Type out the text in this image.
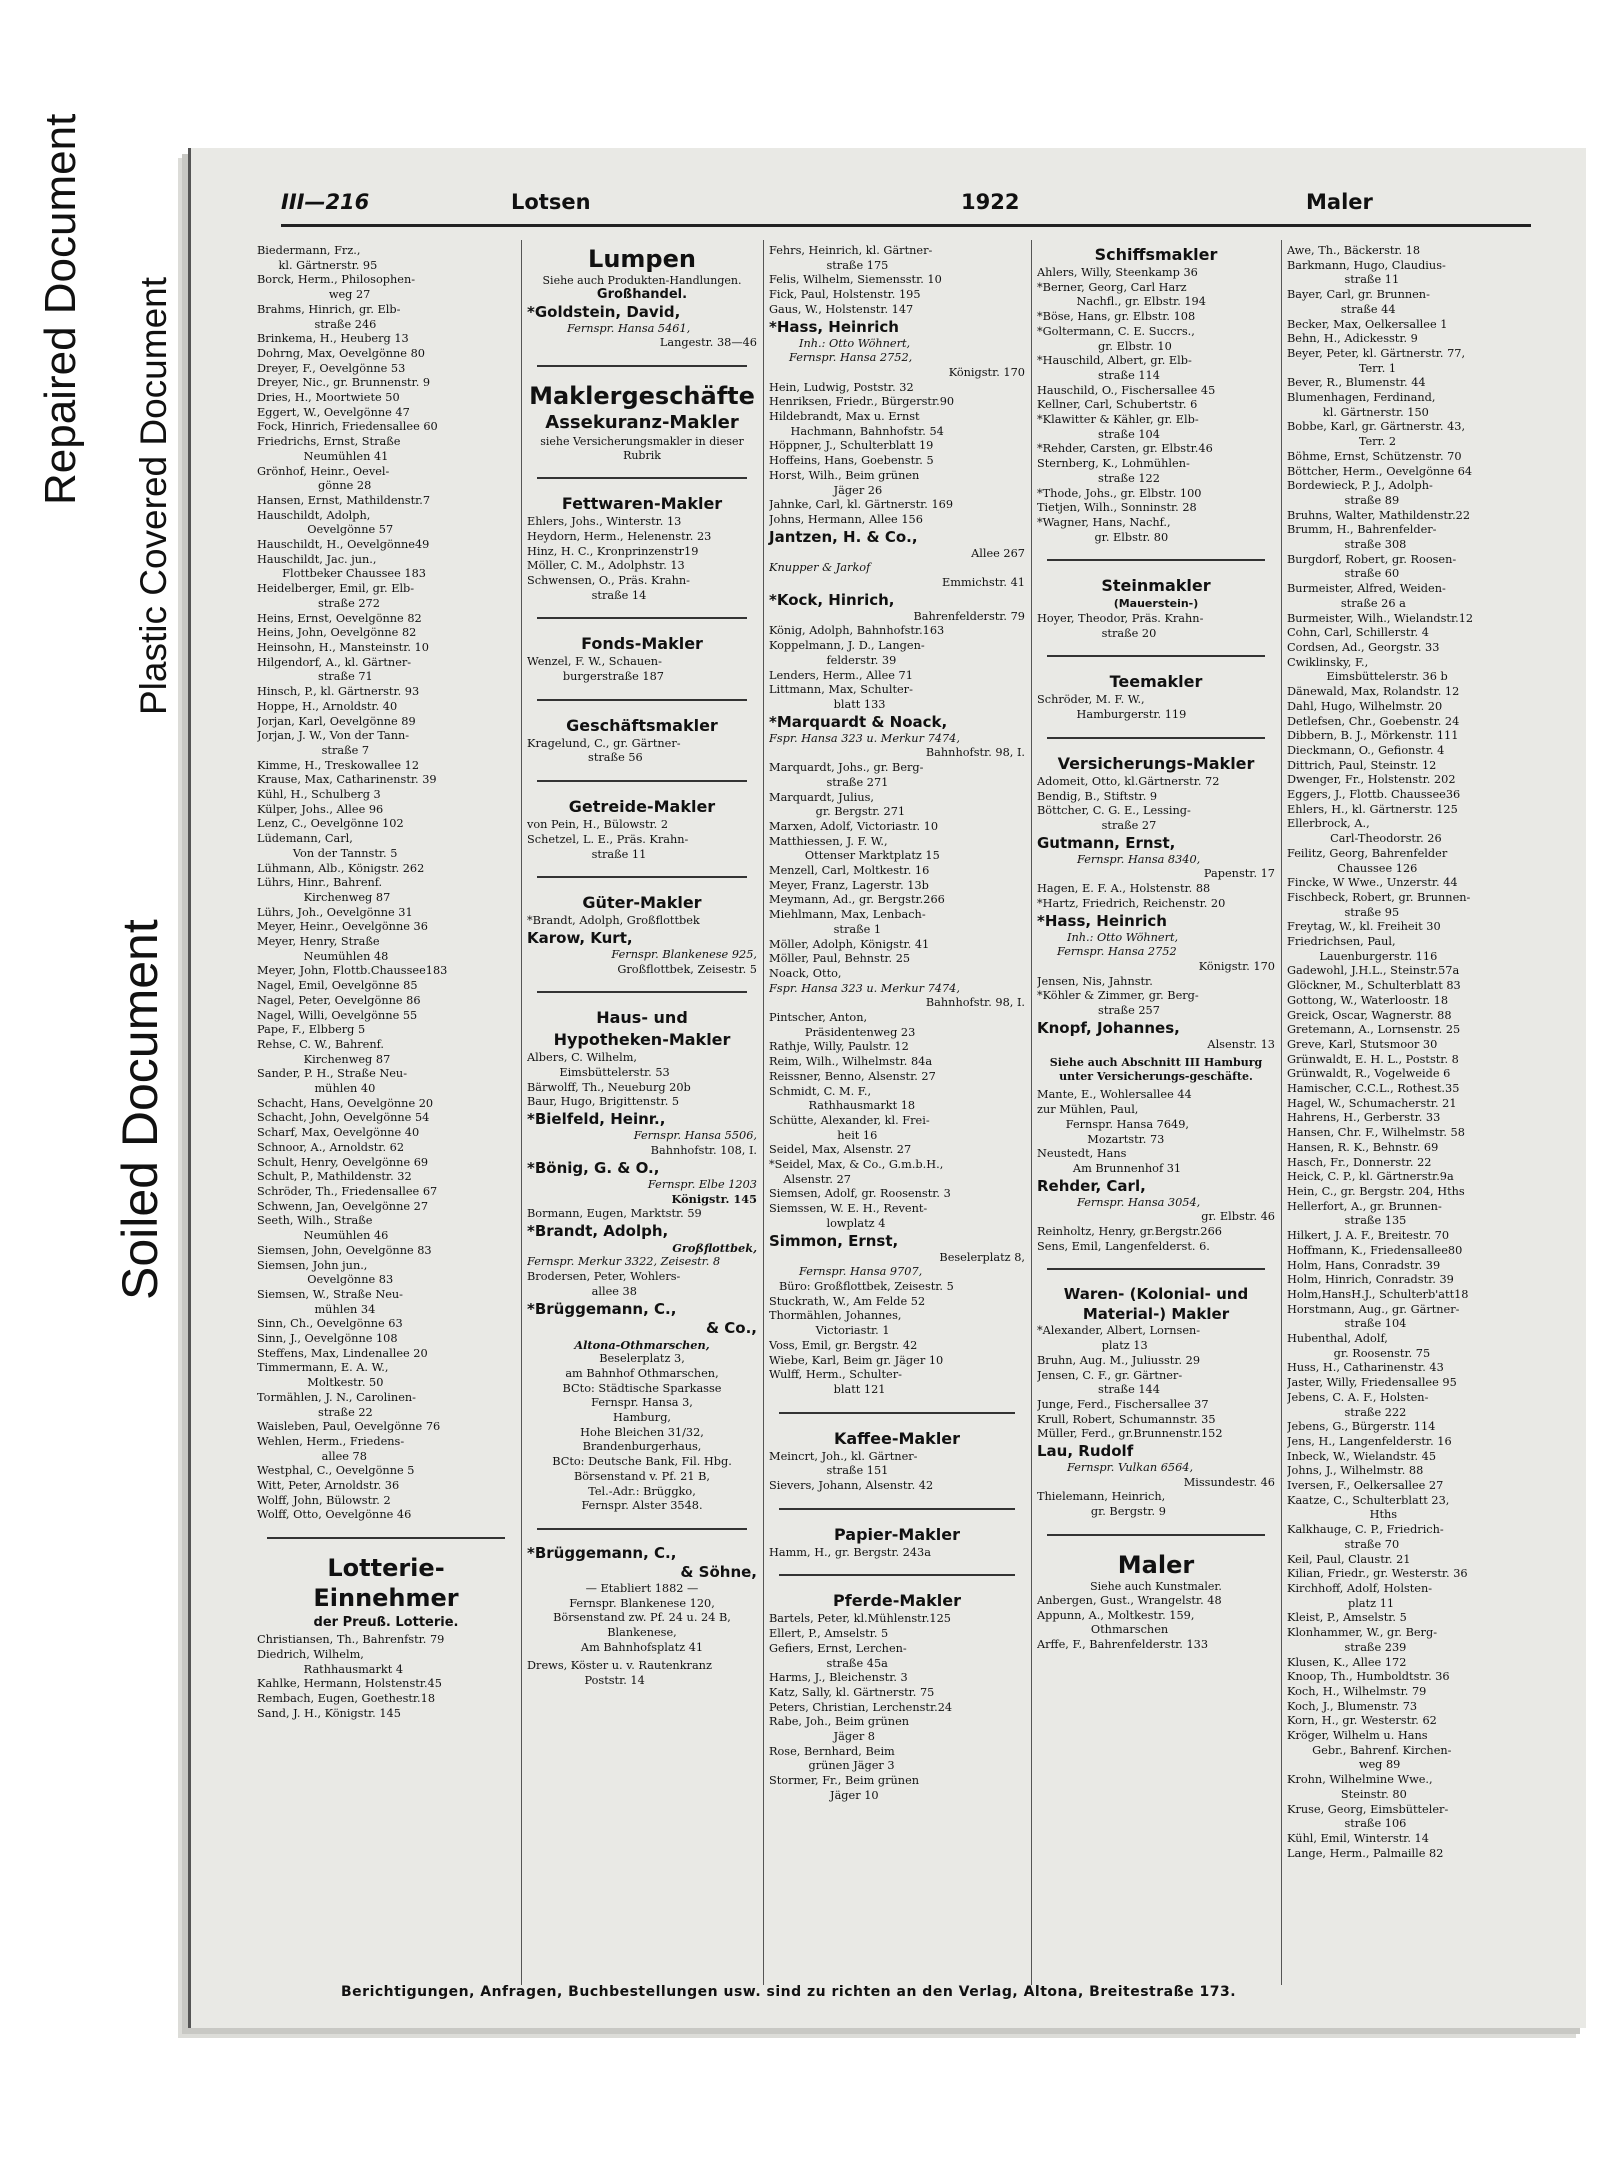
Repaired Document Plastic Covered Document
Soiled Document
III—216	Lotsen	1922	Maler
Biedermann, Frz.,
kl. Gärtnerstr. 95
Borck, Herm., Philosophen-
weg 27
Brahms, Hinrich, gr. Elb-
straße 246
Brinkema, H., Heuberg 13
Dohrng, Max, Oevelgönne 80
Dreyer, F., Oevelgönne 53
Dreyer, Nic., gr. Brunnenstr. 9
Dries, H., Moortwiete 50
Eggert, W., Oevelgönne 47
Fock, Hinrich, Friedensallee 60
Friedrichs, Ernst, Straße
Neumühlen 41
Grönhof, Heinr., Oevel-
gönne 28
Hansen, Ernst, Mathildenstr.7
Hauschildt, Adolph,
Oevelgönne 57
Hauschildt, H., Oevelgönne49
Hauschildt, Jac. jun.,
Flottbeker Chaussee 183
Heidelberger, Emil, gr. Elb-
straße 272
Heins, Ernst, Oevelgönne 82
Heins, John, Oevelgönne 82
Heinsohn, H., Mansteinstr. 10
Hilgendorf, A., kl. Gärtner-
straße 71
Hinsch, P., kl. Gärtnerstr. 93
Hoppe, H., Arnoldstr. 40
Jorjan, Karl, Oevelgönne 89
Jorjan, J. W., Von der Tann-
straße 7
Kimme, H., Treskowallee 12
Krause, Max, Catharinenstr. 39
Kühl, H., Schulberg 3
Külper, Johs., Allee 96
Lenz, C., Oevelgönne 102
Lüdemann, Carl,
Von der Tannstr. 5
Lühmann, Alb., Königstr. 262
Lührs, Hinr., Bahrenf.
Kirchenweg 87
Lührs, Joh., Oevelgönne 31
Meyer, Heinr., Oevelgönne 36
Meyer, Henry, Straße
Neumühlen 48
Meyer, John, Flottb.Chaussee183
Nagel, Emil, Oevelgönne 85
Nagel, Peter, Oevelgönne 86
Nagel, Willi, Oevelgönne 55
Pape, F., Elbberg 5
Rehse, C. W., Bahrenf.
Kirchenweg 87
Sander, P. H., Straße Neu-
mühlen 40
Schacht, Hans, Oevelgönne 20
Schacht, John, Oevelgönne 54
Scharf, Max, Oevelgönne 40
Schnoor, A., Arnoldstr. 62
Schult, Henry, Oevelgönne 69
Schult, P., Mathildenstr. 32
Schröder, Th., Friedensallee 67
Schwenn, Jan, Oevelgönne 27
Seeth, Wilh., Straße
Neumühlen 46
Siemsen, John, Oevelgönne 83
Siemsen, John jun.,
Oevelgönne 83
Siemsen, W., Straße Neu-
mühlen 34
Sinn, Ch., Oevelgönne 63
Sinn, J., Oevelgönne 108
Steffens, Max, Lindenallee 20
Timmermann, E. A. W.,
Moltkestr. 50
Tormählen, J. N., Carolinen-
straße 22
Waisleben, Paul, Oevelgönne 76
Wehlen, Herm., Friedens-
allee 78
Westphal, C., Oevelgönne 5
Witt, Peter, Arnoldstr. 36
Wolff, John, Bülowstr. 2
Wolff, Otto, Oevelgönne 46
Lotterie-
Einnehmer
der Preuß. Lotterie.
Christiansen, Th., Bahrenfstr. 79
Diedrich, Wilhelm,
Rathhausmarkt 4
Kahlke, Hermann, Holstenstr.45
Rembach, Eugen, Goethestr.18
Sand, J. H., Königstr. 145
Lumpen
Siehe auch Produkten-Handlungen.
Großhandel.
*Goldstein, David,
Fernspr. Hansa 5461,
Langestr. 38—46
Maklergeschäfte
Assekuranz-Makler
siehe Versicherungsmakler in dieser Rubrik
Fettwaren-Makler
Ehlers, Johs., Winterstr. 13
Heydorn, Herm., Helenenstr. 23
Hinz, H. C., Kronprinzenstr19
Möller, C. M., Adolphstr. 13
Schwensen, O., Präs. Krahn-
straße 14
Fonds-Makler
Wenzel, F. W., Schauen-
burgerstraße 187
Geschäftsmakler
Kragelund, C., gr. Gärtner-
straße 56
Getreide-Makler
von Pein, H., Bülowstr. 2
Schetzel, L. E., Präs. Krahn-
straße 11
Güter-Makler
*Brandt, Adolph, Großflottbek
Karow, Kurt,
Fernspr. Blankenese 925,
Großflottbek, Zeisestr. 5
Haus- und
Hypotheken-Makler
Albers, C. Wilhelm,
Eimsbüttelerstr. 53
Bärwolff, Th., Neueburg 20b
Baur, Hugo, Brigittenstr. 5
*Bielfeld, Heinr.,
Fernspr. Hansa 5506,
Bahnhofstr. 108, I.
*Bönig, G. & O.,
Fernspr. Elbe 1203
Königstr. 145
Bormann, Eugen, Marktstr. 59
*Brandt, Adolph,
Großflottbek,
Fernspr. Merkur 3322, Zeisestr. 8
Brodersen, Peter, Wohlers-
allee 38
*Brüggemann, C.,
& Co.,
Altona-Othmarschen,
Beselerplatz 3,
am Bahnhof Othmarschen,
BCto: Städtische Sparkasse
Fernspr. Hansa 3,
Hamburg,
Hohe Bleichen 31/32,
Brandenburgerhaus,
BCto: Deutsche Bank, Fil. Hbg.
Börsenstand v. Pf. 21 B,
Tel.-Adr.: Brüggko,
Fernspr. Alster 3548.
*Brüggemann, C.,
& Söhne,
— Etabliert 1882 —
Fernspr. Blankenese 120,
Börsenstand zw. Pf. 24 u. 24 B,
Blankenese,
Am Bahnhofsplatz 41
Drews, Köster u. v. Rautenkranz
Poststr. 14
Fehrs, Heinrich, kl. Gärtner-
straße 175
Felis, Wilhelm, Siemensstr. 10
Fick, Paul, Holstenstr. 195
Gaus, W., Holstenstr. 147
*Hass, Heinrich
Inh.: Otto Wöhnert,
Fernspr. Hansa 2752,
Königstr. 170
Hein, Ludwig, Poststr. 32
Henriksen, Friedr., Bürgerstr.90
Hildebrandt, Max u. Ernst
Hachmann, Bahnhofstr. 54
Höppner, J., Schulterblatt 19
Hoffeins, Hans, Goebenstr. 5
Horst, Wilh., Beim grünen
Jäger 26
Jahnke, Carl, kl. Gärtnerstr. 169
Johns, Hermann, Allee 156
Jantzen, H. & Co.,
Allee 267
Knupper & Jarkof
Emmichstr. 41
*Kock, Hinrich,
Bahrenfelderstr. 79
König, Adolph, Bahnhofstr.163
Koppelmann, J. D., Langen-
felderstr. 39
Lenders, Herm., Allee 71
Littmann, Max, Schulter-
blatt 133
*Marquardt & Noack,
Fspr. Hansa 323 u. Merkur 7474,
Bahnhofstr. 98, I.
Marquardt, Johs., gr. Berg-
straße 271
Marquardt, Julius,
gr. Bergstr. 271
Marxen, Adolf, Victoriastr. 10
Matthiessen, J. F. W.,
Ottenser Marktplatz 15
Menzell, Carl, Moltkestr. 16
Meyer, Franz, Lagerstr. 13b
Meymann, Ad., gr. Bergstr.266
Miehlmann, Max, Lenbach-
straße 1
Möller, Adolph, Königstr. 41
Möller, Paul, Behnstr. 25
Noack, Otto,
Fspr. Hansa 323 u. Merkur 7474,
Bahnhofstr. 98, I.
Pintscher, Anton,
Präsidentenweg 23
Rathje, Willy, Paulstr. 12
Reim, Wilh., Wilhelmstr. 84a
Reissner, Benno, Alsenstr. 27
Schmidt, C. M. F.,
Rathhausmarkt 18
Schütte, Alexander, kl. Frei-
heit 16
Seidel, Max, Alsenstr. 27
*Seidel, Max, & Co., G.m.b.H.,
Alsenstr. 27
Siemsen, Adolf, gr. Roosenstr. 3
Siemssen, W. E. H., Revent-
lowplatz 4
Simmon, Ernst,
Beselerplatz 8,
Fernspr. Hansa 9707,
Büro: Großflottbek, Zeisestr. 5
Stuckrath, W., Am Felde 52
Thormählen, Johannes,
Victoriastr. 1
Voss, Emil, gr. Bergstr. 42
Wiebe, Karl, Beim gr. Jäger 10
Wulff, Herm., Schulter-
blatt 121
Kaffee-Makler
Meincrt, Joh., kl. Gärtner-
straße 151
Sievers, Johann, Alsenstr. 42
Papier-Makler
Hamm, H., gr. Bergstr. 243a
Pferde-Makler
Bartels, Peter, kl.Mühlenstr.125
Ellert, P., Amselstr. 5
Gefiers, Ernst, Lerchen-
straße 45a
Harms, J., Bleichenstr. 3
Katz, Sally, kl. Gärtnerstr. 75
Peters, Christian, Lerchenstr.24
Rabe, Joh., Beim grünen
Jäger 8
Rose, Bernhard, Beim
grünen Jäger 3
Stormer, Fr., Beim grünen
Jäger 10
Schiffsmakler
Ahlers, Willy, Steenkamp 36
*Berner, Georg, Carl Harz
Nachfl., gr. Elbstr. 194
*Böse, Hans, gr. Elbstr. 108
*Goltermann, C. E. Succrs.,
gr. Elbstr. 10
*Hauschild, Albert, gr. Elb-
straße 114
Hauschild, O., Fischersallee 45
Kellner, Carl, Schubertstr. 6
*Klawitter & Kähler, gr. Elb-
straße 104
*Rehder, Carsten, gr. Elbstr.46
Sternberg, K., Lohmühlen-
straße 122
*Thode, Johs., gr. Elbstr. 100
Tietjen, Wilh., Sonninstr. 28
*Wagner, Hans, Nachf.,
gr. Elbstr. 80
Steinmakler
(Mauerstein-)
Hoyer, Theodor, Präs. Krahn-
straße 20
Teemakler
Schröder, M. F. W.,
Hamburgerstr. 119
Versicherungs-Makler
Adomeit, Otto, kl.Gärtnerstr. 72
Bendig, B., Stiftstr. 9
Böttcher, C. G. E., Lessing-
straße 27
Gutmann, Ernst,
Fernspr. Hansa 8340,
Papenstr. 17
Hagen, E. F. A., Holstenstr. 88
*Hartz, Friedrich, Reichenstr. 20
*Hass, Heinrich
Inh.: Otto Wöhnert,
Fernspr. Hansa 2752
Königstr. 170
Jensen, Nis, Jahnstr.
*Köhler & Zimmer, gr. Berg-
straße 257
Knopf, Johannes,
Alsenstr. 13
Siehe auch Abschnitt III Hamburg unter Versicherungs-geschäfte.
Mante, E., Wohlersallee 44
zur Mühlen, Paul,
Fernspr. Hansa 7649,
Mozartstr. 73
Neustedt, Hans
Am Brunnenhof 31
Rehder, Carl,
Fernspr. Hansa 3054,
gr. Elbstr. 46
Reinholtz, Henry, gr.Bergstr.266
Sens, Emil, Langenfelderst. 6.
Waren- (Kolonial- und
Material-) Makler
*Alexander, Albert, Lornsen-
platz 13
Bruhn, Aug. M., Juliusstr. 29
Jensen, C. F., gr. Gärtner-
straße 144
Junge, Ferd., Fischersallee 37
Krull, Robert, Schumannstr. 35
Müller, Ferd., gr.Brunnenstr.152
Lau, Rudolf
Fernspr. Vulkan 6564,
Missundestr. 46
Thielemann, Heinrich,
gr. Bergstr. 9
Maler
Siehe auch Kunstmaler.
Anbergen, Gust., Wrangelstr. 48
Appunn, A., Moltkestr. 159,
Othmarschen
Arffe, F., Bahrenfelderstr. 133
Awe, Th., Bäckerstr. 18
Barkmann, Hugo, Claudius-
straße 11
Bayer, Carl, gr. Brunnen-
straße 44
Becker, Max, Oelkersallee 1
Behn, H., Adickesstr. 9
Beyer, Peter, kl. Gärtnerstr. 77,
Terr. 1
Bever, R., Blumenstr. 44
Blumenhagen, Ferdinand,
kl. Gärtnerstr. 150
Bobbe, Karl, gr. Gärtnerstr. 43,
Terr. 2
Böhme, Ernst, Schützenstr. 70
Böttcher, Herm., Oevelgönne 64
Bordewieck, P. J., Adolph-
straße 89
Bruhns, Walter, Mathildenstr.22
Brumm, H., Bahrenfelder-
straße 308
Burgdorf, Robert, gr. Roosen-
straße 60
Burmeister, Alfred, Weiden-
straße 26 a
Burmeister, Wilh., Wielandstr.12
Cohn, Carl, Schillerstr. 4
Cordsen, Ad., Georgstr. 33
Cwiklinsky, F.,
Eimsbüttelerstr. 36 b
Dänewald, Max, Rolandstr. 12
Dahl, Hugo, Wilhelmstr. 20
Detlefsen, Chr., Goebenstr. 24
Dibbern, B. J., Mörkenstr. 111
Dieckmann, O., Gefionstr. 4
Dittrich, Paul, Steinstr. 12
Dwenger, Fr., Holstenstr. 202
Eggers, J., Flottb. Chaussee36
Ehlers, H., kl. Gärtnerstr. 125
Ellerbrock, A.,
Carl-Theodorstr. 26
Feilitz, Georg, Bahrenfelder
Chaussee 126
Fincke, W Wwe., Unzerstr. 44
Fischbeck, Robert, gr. Brunnen-
straße 95
Freytag, W., kl. Freiheit 30
Friedrichsen, Paul,
Lauenburgerstr. 116
Gadewohl, J.H.L., Steinstr.57a
Glöckner, M., Schulterblatt 83
Gottong, W., Waterloostr. 18
Greick, Oscar, Wagnerstr. 88
Gretemann, A., Lornsenstr. 25
Greve, Karl, Stutsmoor 30
Grünwaldt, E. H. L., Poststr. 8
Grünwaldt, R., Vogelweide 6
Hamischer, C.C.L., Rothest.35
Hagel, W., Schumacherstr. 21
Hahrens, H., Gerberstr. 33
Hansen, Chr. F., Wilhelmstr. 58
Hansen, R. K., Behnstr. 69
Hasch, Fr., Donnerstr. 22
Heick, C. P., kl. Gärtnerstr.9a
Hein, C., gr. Bergstr. 204, Hths
Hellerfort, A., gr. Brunnen-
straße 135
Hilkert, J. A. F., Breitestr. 70
Hoffmann, K., Friedensallee80
Holm, Hans, Conradstr. 39
Holm, Hinrich, Conradstr. 39
Holm,HansH.J., Schulterb'att18
Horstmann, Aug., gr. Gärtner-
straße 104
Hubenthal, Adolf,
gr. Roosenstr. 75
Huss, H., Catharinenstr. 43
Jaster, Willy, Friedensallee 95
Jebens, C. A. F., Holsten-
straße 222
Jebens, G., Bürgerstr. 114
Jens, H., Langenfelderstr. 16
Inbeck, W., Wielandstr. 45
Johns, J., Wilhelmstr. 88
Iversen, F., Oelkersallee 27
Kaatze, C., Schulterblatt 23,
Hths
Kalkhauge, C. P., Friedrich-
straße 70
Keil, Paul, Claustr. 21
Kilian, Friedr., gr. Westerstr. 36
Kirchhoff, Adolf, Holsten-
platz 11
Kleist, P., Amselstr. 5
Klonhammer, W., gr. Berg-
straße 239
Klusen, K., Allee 172
Knoop, Th., Humboldtstr. 36
Koch, H., Wilhelmstr. 79
Koch, J., Blumenstr. 73
Korn, H., gr. Westerstr. 62
Kröger, Wilhelm u. Hans
Gebr., Bahrenf. Kirchen-
weg 89
Krohn, Wilhelmine Wwe.,
Steinstr. 80
Kruse, Georg, Eimsbütteler-
straße 106
Kühl, Emil, Winterstr. 14
Lange, Herm., Palmaille 82
Berichtigungen, Anfragen, Buchbestellungen usw. sind zu richten an den Verlag, Altona, Breitestraße 173.
